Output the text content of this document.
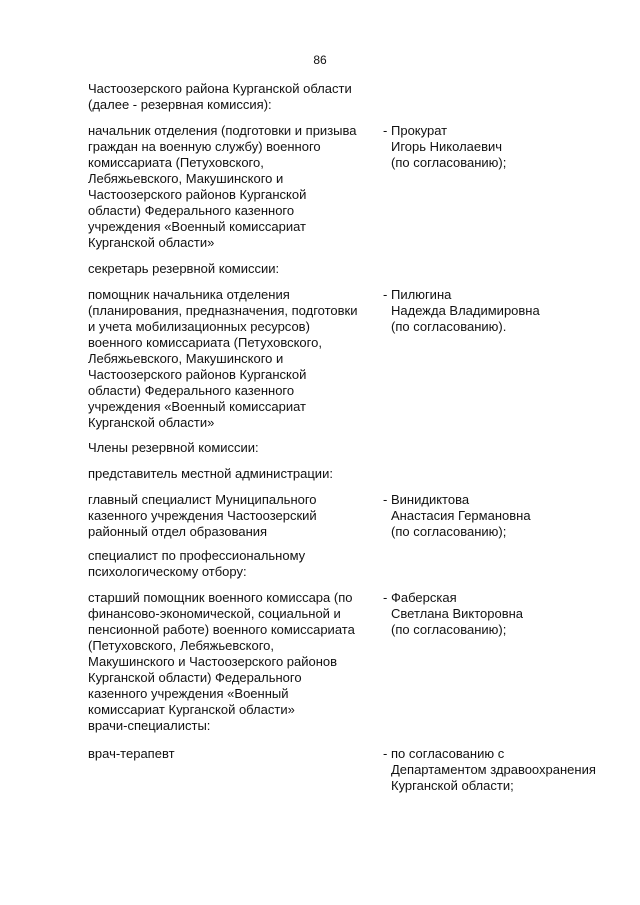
86
Частоозерского района Курганской области
(далее - резервная комиссия):
начальник отделения (подготовки и призыва
граждан на военную службу) военного
комиссариата (Петуховского,
Лебяжьевского, Макушинского и
Частоозерского районов Курганской
области) Федерального казенного
учреждения «Военный комиссариат
Курганской области»
- Прокурат
Игорь Николаевич
(по согласованию);
секретарь резервной комиссии:
помощник начальника отделения
(планирования, предназначения, подготовки
и учета мобилизационных ресурсов)
военного комиссариата (Петуховского,
Лебяжьевского, Макушинского и
Частоозерского районов Курганской
области) Федерального казенного
учреждения «Военный комиссариат
Курганской области»
- Пилюгина
Надежда Владимировна
(по согласованию).
Члены резервной комиссии:
представитель местной администрации:
главный специалист Муниципального
казенного учреждения Частоозерский
районный отдел образования
- Винидиктова
Анастасия Германовна
(по согласованию);
специалист по профессиональному
психологическому отбору:
старший помощник военного комиссара (по
финансово-экономической, социальной и
пенсионной работе) военного комиссариата
(Петуховского, Лебяжьевского,
Макушинского и Частоозерского районов
Курганской области) Федерального
казенного учреждения «Военный
комиссариат Курганской области»
- Фаберская
Светлана Викторовна
(по согласованию);
врачи-специалисты:
врач-терапевт	- по согласованию с
Департаментом здравоохранения
Курганской области;
